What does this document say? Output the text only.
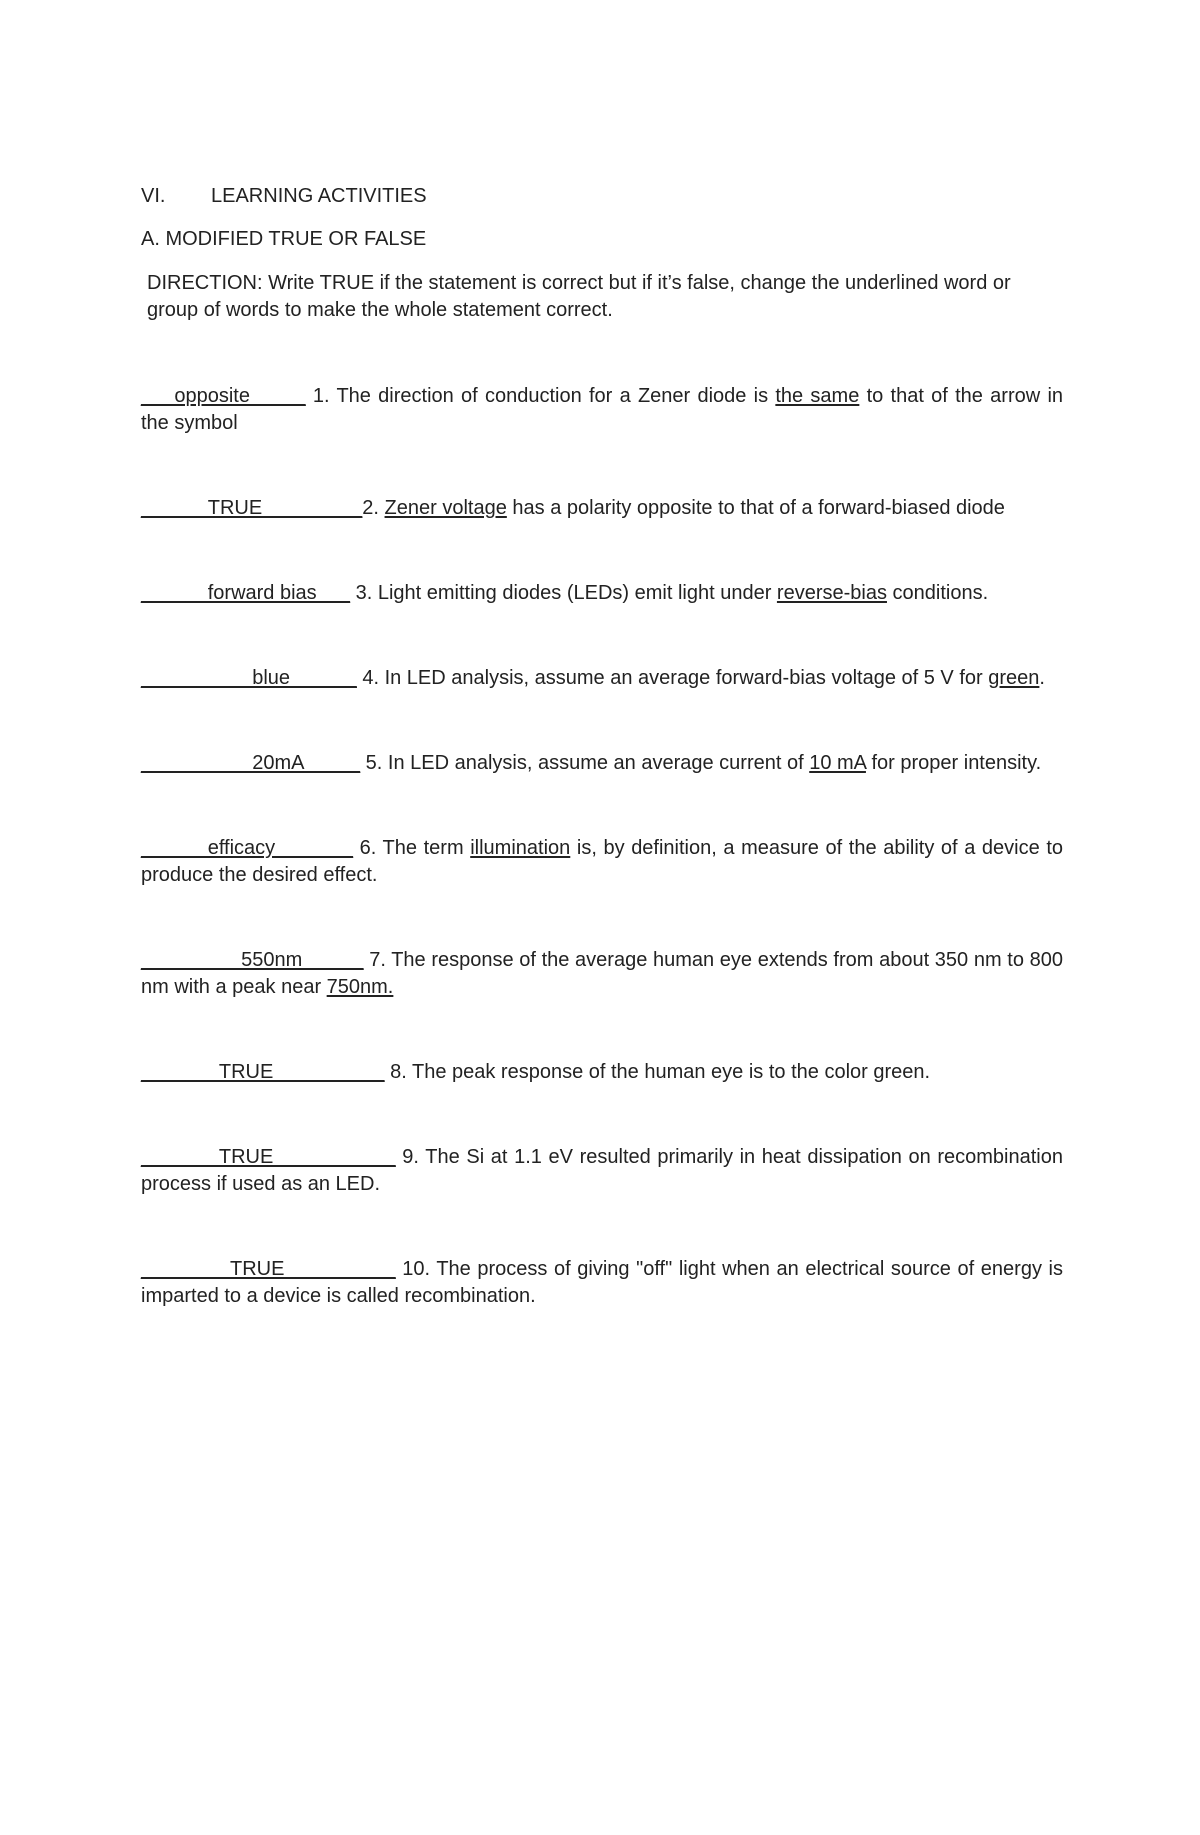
VI.	LEARNING ACTIVITIES
A. MODIFIED TRUE OR FALSE
DIRECTION: Write TRUE if the statement is correct but if it’s false, change the underlined word or group of words to make the whole statement correct.

___opposite_____ 1. The direction of conduction for a Zener diode is the same to that of the arrow in the symbol

______TRUE_________2. Zener voltage has a polarity opposite to that of a forward-biased diode

______forward bias___ 3. Light emitting diodes (LEDs) emit light under reverse-bias conditions.

__________blue______ 4. In LED analysis, assume an average forward-bias voltage of 5 V for green.

__________20mA_____ 5. In LED analysis, assume an average current of 10 mA for proper intensity.

______efficacy_______ 6. The term illumination is, by definition, a measure of the ability of a device to produce the desired effect.

_________550nm _____ 7. The response of the average human eye extends from about 350 nm to 800 nm with a peak near 750nm.

_______TRUE__________ 8. The peak response of the human eye is to the color green.

_______TRUE___________ 9. The Si at 1.1 eV resulted primarily in heat dissipation on recombination process if used as an LED.

________TRUE__________ 10. The process of giving "off" light when an electrical source of energy is imparted to a device is called recombination.
